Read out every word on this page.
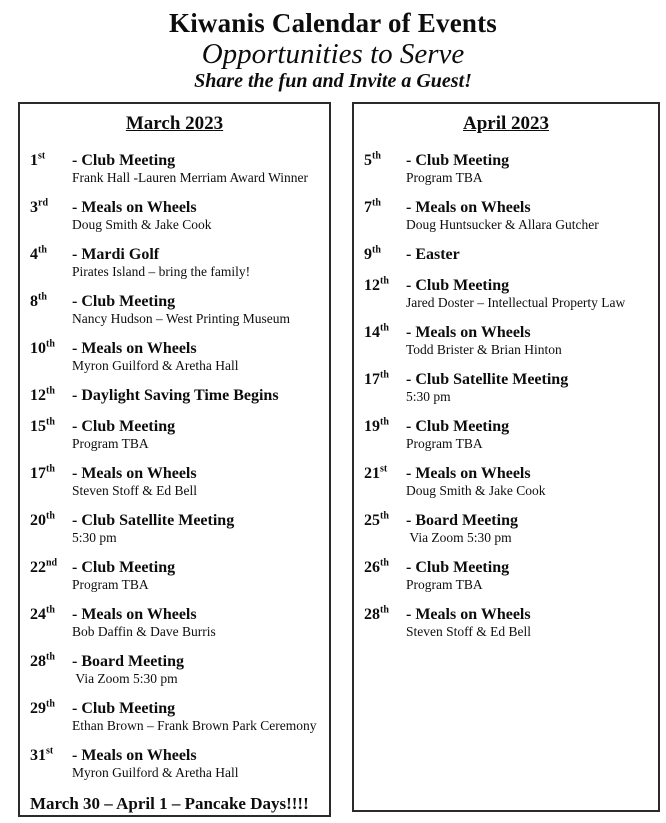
Kiwanis Calendar of Events
Opportunities to Serve
Share the fun and Invite a Guest!
March 2023
1st	- Club Meeting
Frank Hall -Lauren Merriam Award Winner
3rd	- Meals on Wheels
Doug Smith & Jake Cook
4th	- Mardi Golf
Pirates Island – bring the family!
8th	- Club Meeting
Nancy Hudson – West Printing Museum
10th	- Meals on Wheels
Myron Guilford & Aretha Hall
12th	- Daylight Saving Time Begins
15th	- Club Meeting
Program TBA
17th	- Meals on Wheels
Steven Stoff & Ed Bell
20th	- Club Satellite Meeting
5:30 pm
22nd - Club Meeting
Program TBA
24th	- Meals on Wheels
Bob Daffin & Dave Burris
28th	- Board Meeting
Via Zoom 5:30 pm
29th	- Club Meeting
Ethan Brown – Frank Brown Park Ceremony
31st	- Meals on Wheels
Myron Guilford & Aretha Hall
March 30 – April 1 – Pancake Days!!!!
April 2023
5th	- Club Meeting
Program TBA
7th	- Meals on Wheels
Doug Huntsucker & Allara Gutcher
9th	- Easter
12th	- Club Meeting
Jared Doster – Intellectual Property Law
14th	- Meals on Wheels
Todd Brister & Brian Hinton
17th	- Club Satellite Meeting
5:30 pm
19th	- Club Meeting
Program TBA
21st	- Meals on Wheels
Doug Smith & Jake Cook
25th	- Board Meeting
Via Zoom 5:30 pm
26th	- Club Meeting
Program TBA
28th	- Meals on Wheels
Steven Stoff & Ed Bell
